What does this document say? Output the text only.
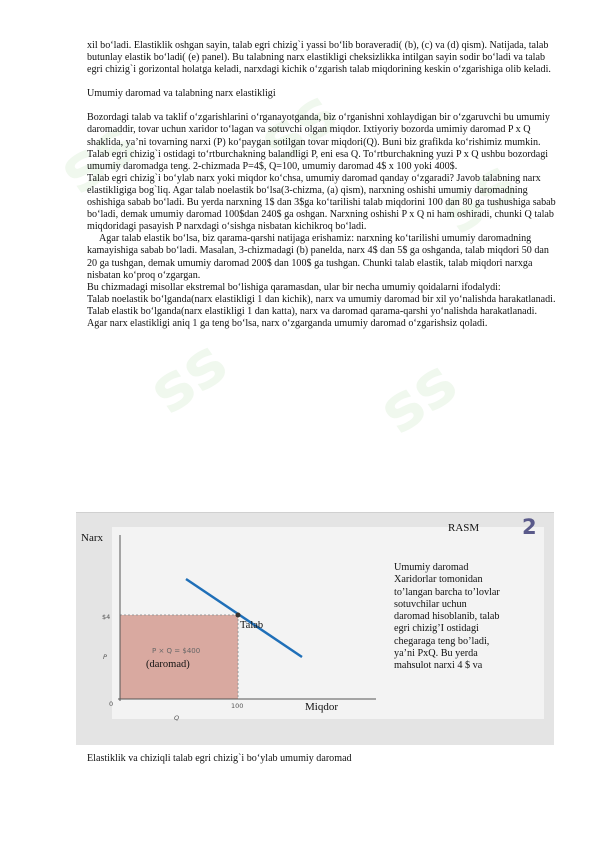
ss ss
ss
ss ss

xil bo‘ladi. Elastiklik oshgan sayin, talab egri chizig`i yassi bo‘lib boraveradi( (b), (c) va (d) qism). Natijada, talab butunlay elastik bo‘ladi( (e) panel). Bu talabning narx elastikligi cheksizlikka intilgan sayin sodir bo‘ladi va talab egri chizig`i gorizontal holatga keladi, narxdagi kichik o‘zgarish talab miqdorining keskin o‘zgarishiga olib keladi.

Umumiy daromad va talabning narx elastikligi

Bozordagi talab va taklif o‘zgarishlarini o‘rganayotganda, biz o‘rganishni xohlaydigan bir o‘zgaruvchi bu umumiy daromaddir, tovar uchun xaridor to‘lagan va sotuvchi olgan miqdor. Ixtiyoriy bozorda umimiy daromad P x Q shaklida, ya’ni tovarning narxi (P) ko‘paygan sotilgan tovar miqdori(Q). Buni biz grafikda ko‘rishimiz mumkin.

Talab egri chizig`i ostidagi to‘rtburchakning balandligi P, eni esa Q. To‘rtburchakning yuzi P x Q ushbu bozordagi umumiy daromadga teng. 2-chizmada P=4$, Q=100, umumiy daromad 4$ x 100 yoki 400$.

Talab egri chizig`i bo‘ylab narx yoki miqdor ko‘chsa, umumiy daromad qanday o‘zgaradi? Javob talabning narx elastikligiga bog`liq. Agar talab noelastik bo‘lsa(3-chizma, (a) qism), narxning oshishi umumiy daromadning oshishiga sabab bo‘ladi. Bu yerda narxning 1$ dan 3$ga ko‘tarilishi talab miqdorini 100 dan 80 ga tushushiga sabab bo‘ladi, demak umumiy daromad 100$dan 240$ ga oshgan. Narxning oshishi P x Q ni ham oshiradi, chunki Q talab miqdoridagi pasayish P narxdagi o‘sishga nisbatan kichikroq bo‘ladi.

Agar talab elastik bo‘lsa, biz qarama-qarshi natijaga erishamiz: narxning ko‘tarilishi umumiy daromadning kamayishiga sabab bo‘ladi. Masalan, 3-chizmadagi (b) panelda, narx 4$ dan 5$ ga oshganda, talab miqdori 50 dan 20 ga tushgan, demak umumiy daromad 200$ dan 100$ ga tushgan. Chunki talab elastik, talab miqdori narxga nisbatan ko‘proq o‘zgargan.

Bu chizmadagi misollar ekstremal bo‘lishiga qaramasdan, ular bir necha umumiy qoidalarni ifodalydi:

Talab noelastik bo‘lganda(narx elastikligi 1 dan kichik), narx va umumiy daromad bir xil yo‘nalishda harakatlanadi.

Talab elastik bo‘lganda(narx elastikligi 1 dan katta), narx va daromad qarama-qarshi yo‘nalishda harakatlanadi.

Agar narx elastikligi aniq 1 ga teng bo‘lsa, narx o‘zgarganda umumiy daromad o‘zgarishsiz qoladi.

RASM 2
$4
P
0	100
Q
P × Q = $400
Narx
Miqdor
Talab
(daromad)
Umumiy daromad Xaridorlar tomonidan to’langan barcha to’lovlar sotuvchilar uchun daromad hisoblanib, talab egri chizig’I ostidagi chegaraga teng bo’ladi, ya’ni PxQ. Bu yerda mahsulot narxi 4 $ va
Elastiklik va chiziqli talab egri chizig`i bo‘ylab umumiy daromad
